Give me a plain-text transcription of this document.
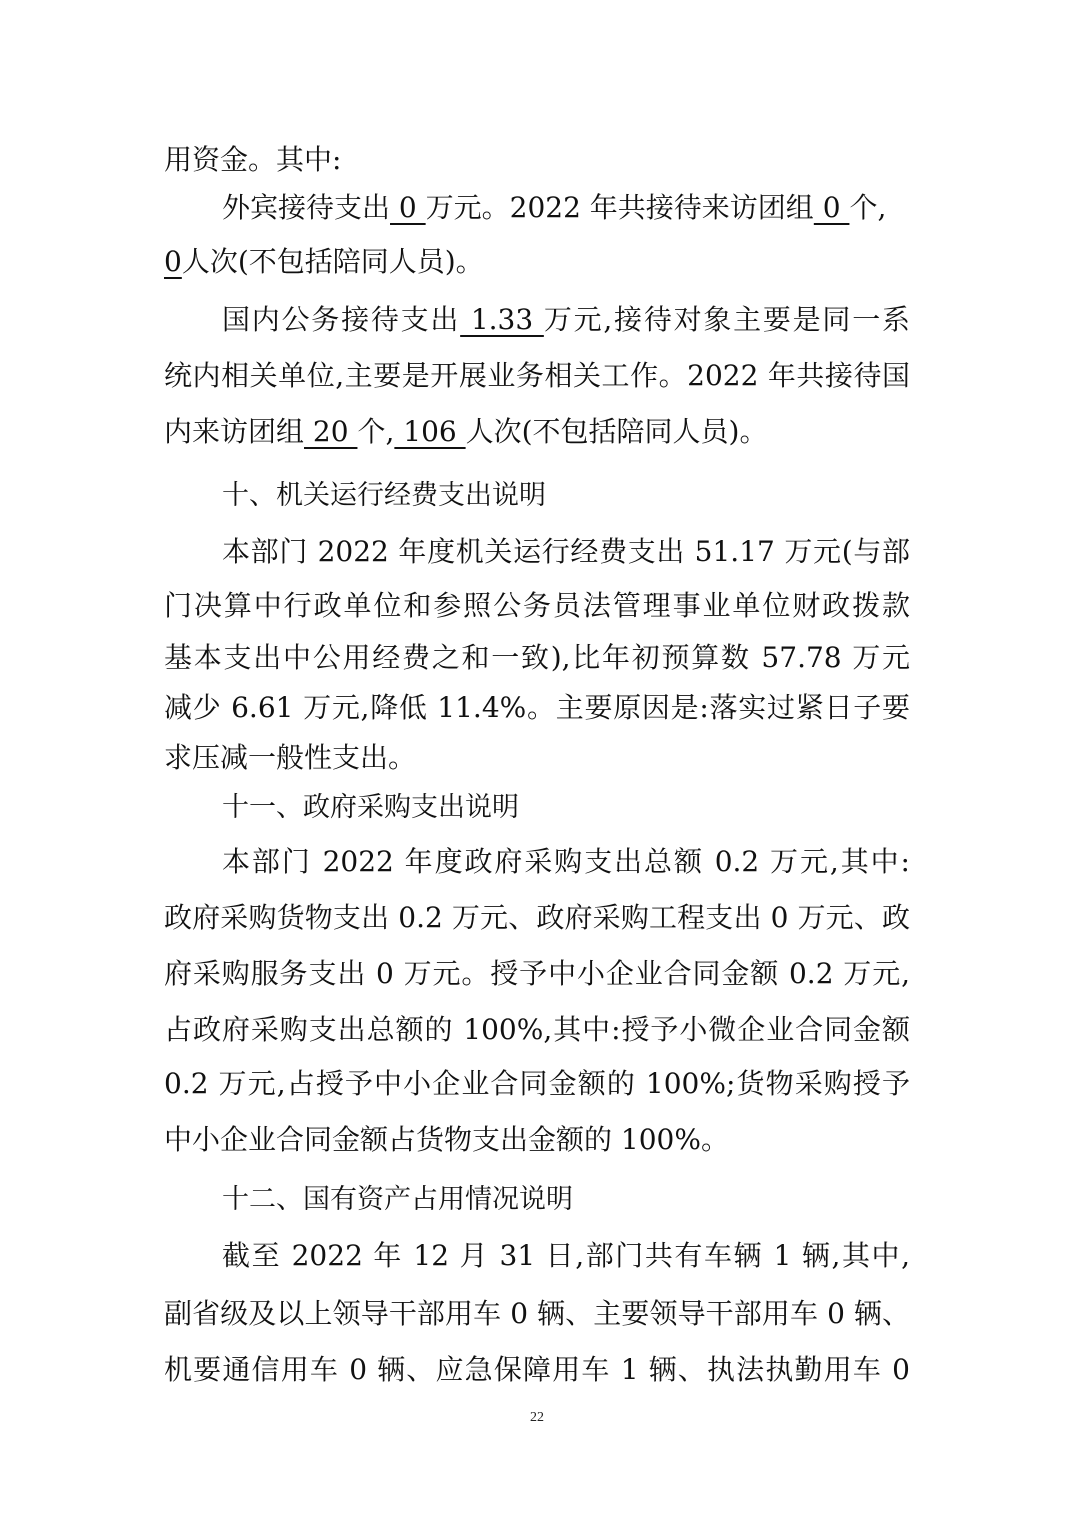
用资金。其中:
外宾接待支出 0 万元。2022 年共接待来访团组 0 个,
0人次(不包括陪同人员)。
国内公务接待支出 1.33 万元,接待对象主要是同一系
统内相关单位,主要是开展业务相关工作。2022 年共接待国
内来访团组 20 个, 106 人次(不包括陪同人员)。
十、机关运行经费支出说明
本部门 2022 年度机关运行经费支出 51.17 万元(与部
门决算中行政单位和参照公务员法管理事业单位财政拨款
基本支出中公用经费之和一致),比年初预算数 57.78 万元
减少 6.61 万元,降低 11.4%。主要原因是:落实过紧日子要
求压减一般性支出。
十一、政府采购支出说明
本部门 2022 年度政府采购支出总额 0.2 万元,其中:
政府采购货物支出 0.2 万元、政府采购工程支出 0 万元、政
府采购服务支出 0 万元。授予中小企业合同金额 0.2 万元,
占政府采购支出总额的 100%,其中:授予小微企业合同金额
0.2 万元,占授予中小企业合同金额的 100%;货物采购授予
中小企业合同金额占货物支出金额的 100%。
十二、国有资产占用情况说明
截至 2022 年 12 月 31 日,部门共有车辆 1 辆,其中,
副省级及以上领导干部用车 0 辆、主要领导干部用车 0 辆、
机要通信用车 0 辆、应急保障用车 1 辆、执法执勤用车 0
22
